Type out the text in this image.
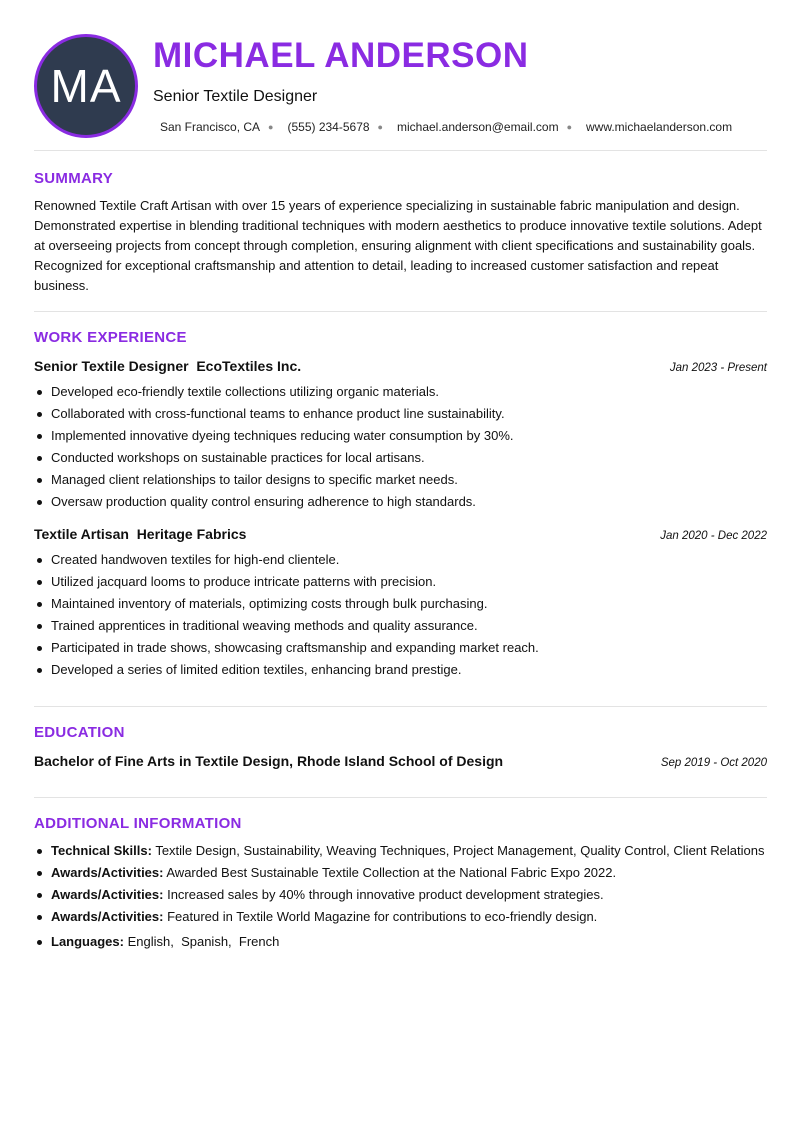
MA
MICHAEL ANDERSON
Senior Textile Designer
San Francisco, CA ● (555) 234-5678 ● michael.anderson@email.com ● www.michaelanderson.com
SUMMARY

Renowned Textile Craft Artisan with over 15 years of experience specializing in sustainable fabric manipulation and design. Demonstrated expertise in blending traditional techniques with modern aesthetics to produce innovative textile solutions. Adept at overseeing projects from concept through completion, ensuring alignment with client specifications and sustainability goals. Recognized for exceptional craftsmanship and attention to detail, leading to increased customer satisfaction and repeat business.

WORK EXPERIENCE
Senior Textile Designer  EcoTextiles Inc.	Jan 2023 - Present
Developed eco-friendly textile collections utilizing organic materials.
Collaborated with cross-functional teams to enhance product line sustainability.
Implemented innovative dyeing techniques reducing water consumption by 30%.
Conducted workshops on sustainable practices for local artisans.
Managed client relationships to tailor designs to specific market needs.
Oversaw production quality control ensuring adherence to high standards.
Textile Artisan  Heritage Fabrics	Jan 2020 - Dec 2022
Created handwoven textiles for high-end clientele.
Utilized jacquard looms to produce intricate patterns with precision.
Maintained inventory of materials, optimizing costs through bulk purchasing.
Trained apprentices in traditional weaving methods and quality assurance.
Participated in trade shows, showcasing craftsmanship and expanding market reach.
Developed a series of limited edition textiles, enhancing brand prestige.
EDUCATION
Bachelor of Fine Arts in Textile Design, Rhode Island School of Design	Sep 2019 - Oct 2020
ADDITIONAL INFORMATION
Technical Skills: Textile Design, Sustainability, Weaving Techniques, Project Management, Quality Control, Client Relations
Awards/Activities: Awarded Best Sustainable Textile Collection at the National Fabric Expo 2022.
Awards/Activities: Increased sales by 40% through innovative product development strategies.
Awards/Activities: Featured in Textile World Magazine for contributions to eco-friendly design.
Languages: English,  Spanish,  French
